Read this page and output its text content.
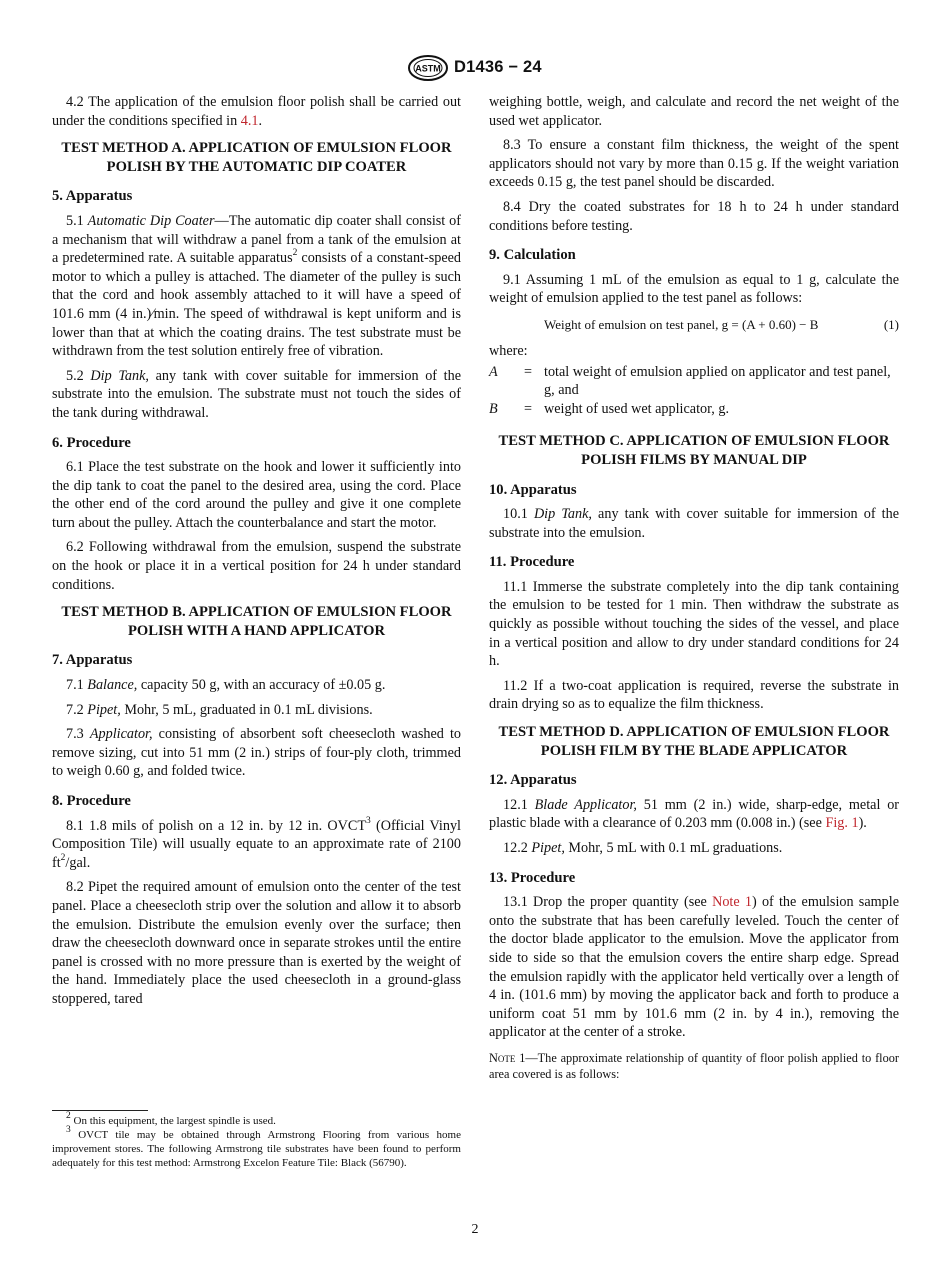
ASTM D1436 − 24

4.2 The application of the emulsion floor polish shall be carried out under the conditions specified in 4.1.

TEST METHOD A. APPLICATION OF EMULSION FLOOR POLISH BY THE AUTOMATIC DIP COATER
5. Apparatus

5.1 Automatic Dip Coater—The automatic dip coater shall consist of a mechanism that will withdraw a panel from a tank of the emulsion at a predetermined rate. A suitable apparatus$^2$ consists of a constant-speed motor to which a pulley is attached. The diameter of the pulley is such that the cord and hook assembly attached to it will have a speed of 101.6 mm (4 in.)⁄min. The speed of withdrawal is kept uniform and is lower than that at which the coating drains. The test substrate must be withdrawn from the test solution entirely free of vibration.

5.2 Dip Tank, any tank with cover suitable for immersion of the substrate into the emulsion. The substrate must not touch the sides of the tank during withdrawal.

6. Procedure

6.1 Place the test substrate on the hook and lower it sufficiently into the dip tank to coat the panel to the desired area, using the cord. Place the other end of the cord around the pulley and give it one complete turn about the pulley. Attach the counterbalance and start the motor.

6.2 Following withdrawal from the emulsion, suspend the substrate on the hook or place it in a vertical position for 24 h under standard conditions.

TEST METHOD B. APPLICATION OF EMULSION FLOOR POLISH WITH A HAND APPLICATOR
7. Apparatus

7.1 Balance, capacity 50 g, with an accuracy of ±0.05 g.

7.2 Pipet, Mohr, 5 mL, graduated in 0.1 mL divisions.

7.3 Applicator, consisting of absorbent soft cheesecloth washed to remove sizing, cut into 51 mm (2 in.) strips of four-ply cloth, trimmed to weigh 0.60 g, and folded twice.

8. Procedure

8.1 1.8 mils of polish on a 12 in. by 12 in. OVCT$^3$ (Official Vinyl Composition Tile) will usually equate to an approximate rate of 2100 $ft^2$/gal.

8.2 Pipet the required amount of emulsion onto the center of the test panel. Place a cheesecloth strip over the solution and allow it to absorb the emulsion. Distribute the emulsion evenly over the surface; then draw the cheesecloth downward once in separate strokes until the entire panel is crossed with no more pressure than is exerted by the weight of the hand. Immediately place the used cheesecloth in a ground-glass stoppered, tared

weighing bottle, weigh, and calculate and record the net weight of the used wet applicator.

8.3 To ensure a constant film thickness, the weight of the spent applicators should not vary by more than 0.15 g. If the weight variation exceeds 0.15 g, the test panel should be discarded.

8.4 Dry the coated substrates for 18 h to 24 h under standard conditions before testing.

9. Calculation

9.1 Assuming 1 mL of the emulsion as equal to 1 g, calculate the weight of emulsion applied to the test panel as follows:

Weight of emulsion on test panel, g = (A + 0.60) − B	(1)

where:

A = total weight of emulsion applied on applicator and test panel, g, and
B = weight of used wet applicator, g.
TEST METHOD C. APPLICATION OF EMULSION FLOOR POLISH FILMS BY MANUAL DIP
10. Apparatus

10.1 Dip Tank, any tank with cover suitable for immersion of the substrate into the emulsion.

11. Procedure

11.1 Immerse the substrate completely into the dip tank containing the emulsion to be tested for 1 min. Then withdraw the substrate as quickly as possible without touching the sides of the vessel, and place in a vertical position and allow to dry under standard conditions for 24 h.

11.2 If a two-coat application is required, reverse the substrate in drain drying so as to equalize the film thickness.

TEST METHOD D. APPLICATION OF EMULSION FLOOR POLISH FILM BY THE BLADE APPLICATOR
12. Apparatus

12.1 Blade Applicator, 51 mm (2 in.) wide, sharp-edge, metal or plastic blade with a clearance of 0.203 mm (0.008 in.) (see Fig. 1).

12.2 Pipet, Mohr, 5 mL with 0.1 mL graduations.

13. Procedure

13.1 Drop the proper quantity (see Note 1) of the emulsion sample onto the substrate that has been carefully leveled. Touch the center of the doctor blade applicator to the emulsion. Move the applicator from side to side so that the emulsion covers the entire sharp edge. Spread the emulsion rapidly with the applicator held vertically over a length of 4 in. (101.6 mm) by moving the applicator back and forth to produce a uniform coat 51 mm by 101.6 mm (2 in. by 4 in.), removing the applicator at the center of a stroke.

Note 1—The approximate relationship of quantity of floor polish applied to floor area covered is as follows:

$^2$ On this equipment, the largest spindle is used.

$^3$ OVCT tile may be obtained through Armstrong Flooring from various home improvement stores. The following Armstrong tile substrates have been found to perform adequately for this test method: Armstrong Excelon Feature Tile: Black (56790).

2
